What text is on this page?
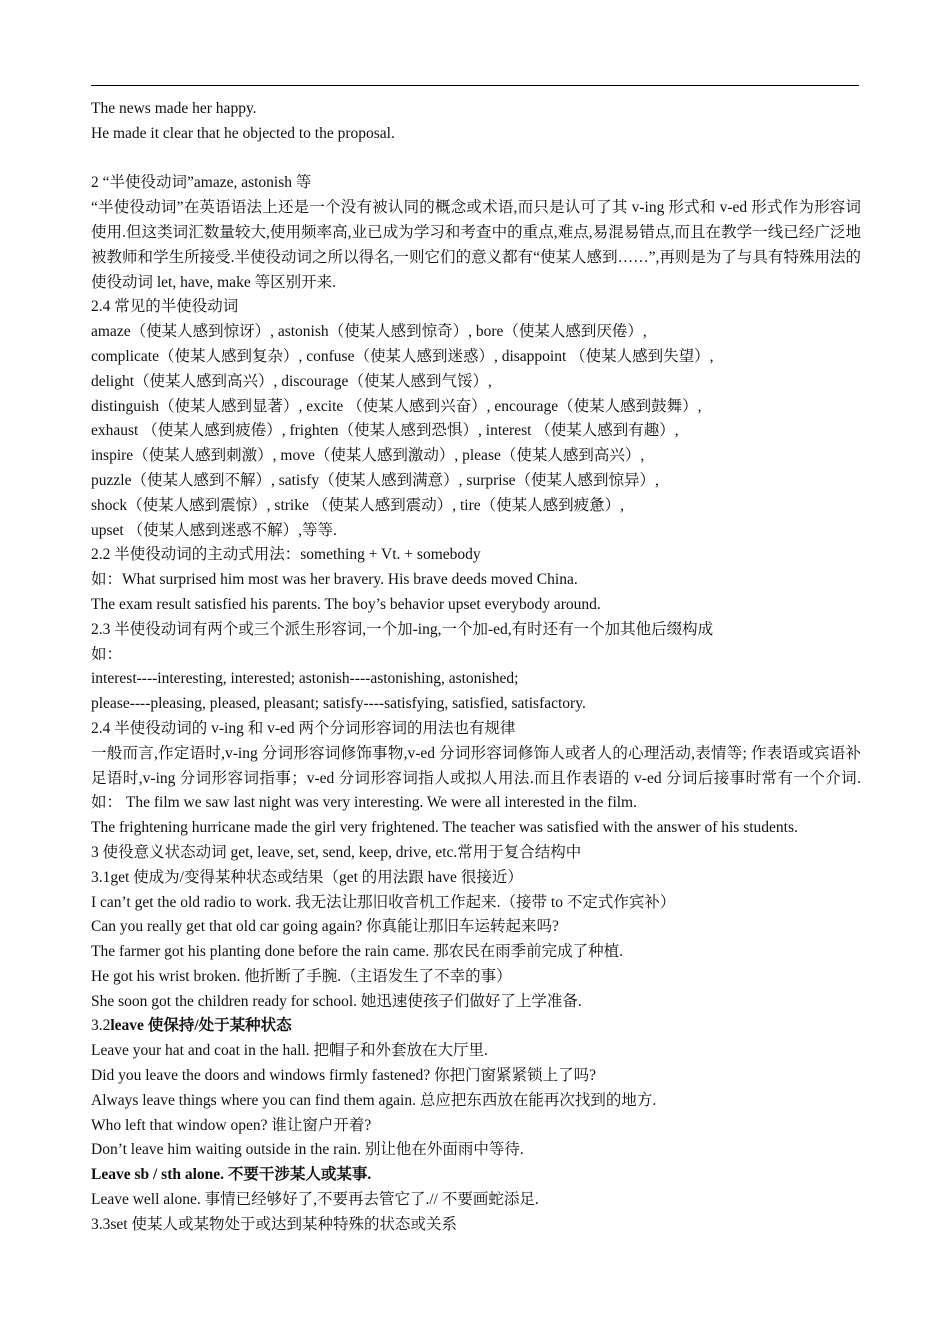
The news made her happy.
He made it clear that he objected to the proposal.
2 “半使役动词”amaze, astonish 等
“半使役动词”在英语语法上还是一个没有被认同的概念或术语,而只是认可了其 v-ing 形式和 v-ed 形式作为形容词使用.但这类词汇数量较大,使用频率高,业已成为学习和考查中的重点,难点,易混易错点,而且在教学一线已经广泛地被教师和学生所接受.半使役动词之所以得名,一则它们的意义都有“使某人感到……”,再则是为了与具有特殊用法的使役动词 let, have, make 等区别开来.
2.4 常见的半使役动词
amaze（使某人感到惊讶）, astonish（使某人感到惊奇）, bore（使某人感到厌倦）,
complicate（使某人感到复杂）, confuse（使某人感到迷惑）, disappoint （使某人感到失望）,
delight（使某人感到高兴）, discourage（使某人感到气馁）,
distinguish（使某人感到显著）, excite （使某人感到兴奋）, encourage（使某人感到鼓舞）,
exhaust （使某人感到疲倦）, frighten（使某人感到恐惧）, interest （使某人感到有趣）,
inspire（使某人感到刺激）, move（使某人感到激动）, please（使某人感到高兴）,
puzzle（使某人感到不解）, satisfy（使某人感到满意）, surprise（使某人感到惊异）,
shock（使某人感到震惊）, strike （使某人感到震动）, tire（使某人感到疲惫）,
upset （使某人感到迷惑不解）,等等.
2.2 半使役动词的主动式用法：something + Vt. + somebody
如：What surprised him most was her bravery. His brave deeds moved China.
The exam result satisfied his parents. The boy’s behavior upset everybody around.
2.3 半使役动词有两个或三个派生形容词,一个加-ing,一个加-ed,有时还有一个加其他后缀构成
如：
interest----interesting, interested; astonish----astonishing, astonished;
please----pleasing, pleased, pleasant; satisfy----satisfying, satisfied, satisfactory.
2.4 半使役动词的 v-ing 和 v-ed 两个分词形容词的用法也有规律
一般而言,作定语时,v-ing 分词形容词修饰事物,v-ed 分词形容词修饰人或者人的心理活动,表情等; 作表语或宾语补足语时,v-ing 分词形容词指事；v-ed 分词形容词指人或拟人用法.而且作表语的 v-ed 分词后接事时常有一个介词.如： The film we saw last night was very interesting. We were all interested in the film.
The frightening hurricane made the girl very frightened. The teacher was satisfied with the answer of his students.
3 使役意义状态动词 get, leave, set, send, keep, drive, etc.常用于复合结构中
3.1get 使成为/变得某种状态或结果（get 的用法跟 have 很接近）
I can’t get the old radio to work. 我无法让那旧收音机工作起来.（接带 to 不定式作宾补）
Can you really get that old car going again? 你真能让那旧车运转起来吗?
The farmer got his planting done before the rain came. 那农民在雨季前完成了种植.
He got his wrist broken. 他折断了手腕.（主语发生了不幸的事）
She soon got the children ready for school. 她迅速使孩子们做好了上学准备.
3.2leave 使保持/处于某种状态
Leave your hat and coat in the hall. 把帽子和外套放在大厅里.
Did you leave the doors and windows firmly fastened? 你把门窗紧紧锁上了吗?
Always leave things where you can find them again. 总应把东西放在能再次找到的地方.
Who left that window open? 谁让窗户开着?
Don’t leave him waiting outside in the rain. 别让他在外面雨中等待.
Leave sb / sth alone. 不要干涉某人或某事.
Leave well alone. 事情已经够好了,不要再去管它了.// 不要画蛇添足.
3.3set 使某人或某物处于或达到某种特殊的状态或关系
